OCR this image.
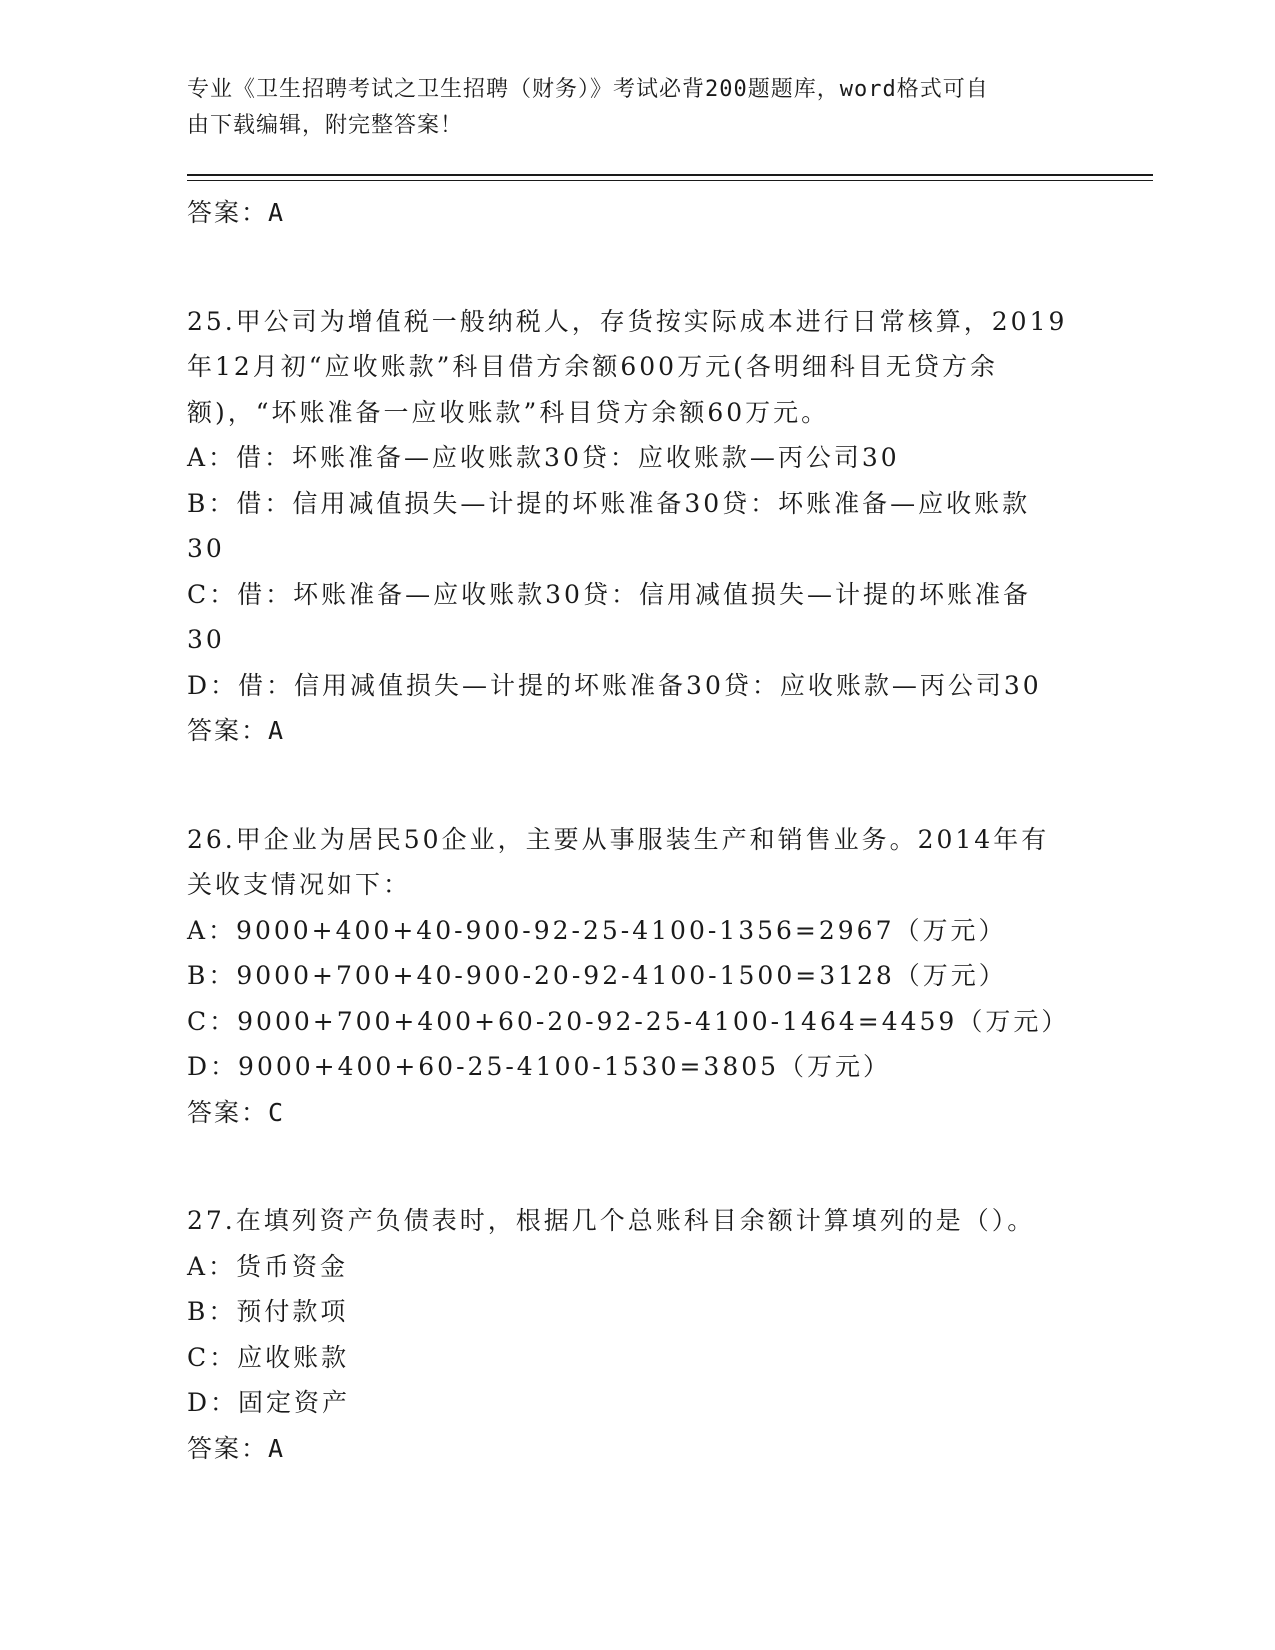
专业《卫生招聘考试之卫生招聘（财务）》考试必背200题题库，word格式可自
由下载编辑，附完整答案！
答案：A
25.甲公司为增值税一般纳税人，存货按实际成本进行日常核算，2019
年12月初“应收账款”科目借方余额600万元(各明细科目无贷方余
额)，“坏账准备一应收账款”科目贷方余额60万元。
A：借：坏账准备—应收账款30贷：应收账款—丙公司30
B：借：信用减值损失—计提的坏账准备30贷：坏账准备—应收账款
30
C：借：坏账准备—应收账款30贷：信用减值损失—计提的坏账准备
30
D：借：信用减值损失—计提的坏账准备30贷：应收账款—丙公司30
答案：A
26.甲企业为居民50企业，主要从事服装生产和销售业务。2014年有
关收支情况如下：
A：9000+400+40-900-92-25-4100-1356=2967（万元）
B：9000+700+40-900-20-92-4100-1500=3128（万元）
C：9000+700+400+60-20-92-25-4100-1464=4459（万元）
D：9000+400+60-25-4100-1530=3805（万元）
答案：C
27.在填列资产负债表时，根据几个总账科目余额计算填列的是（）。
A：货币资金
B：预付款项
C：应收账款
D：固定资产
答案：A
